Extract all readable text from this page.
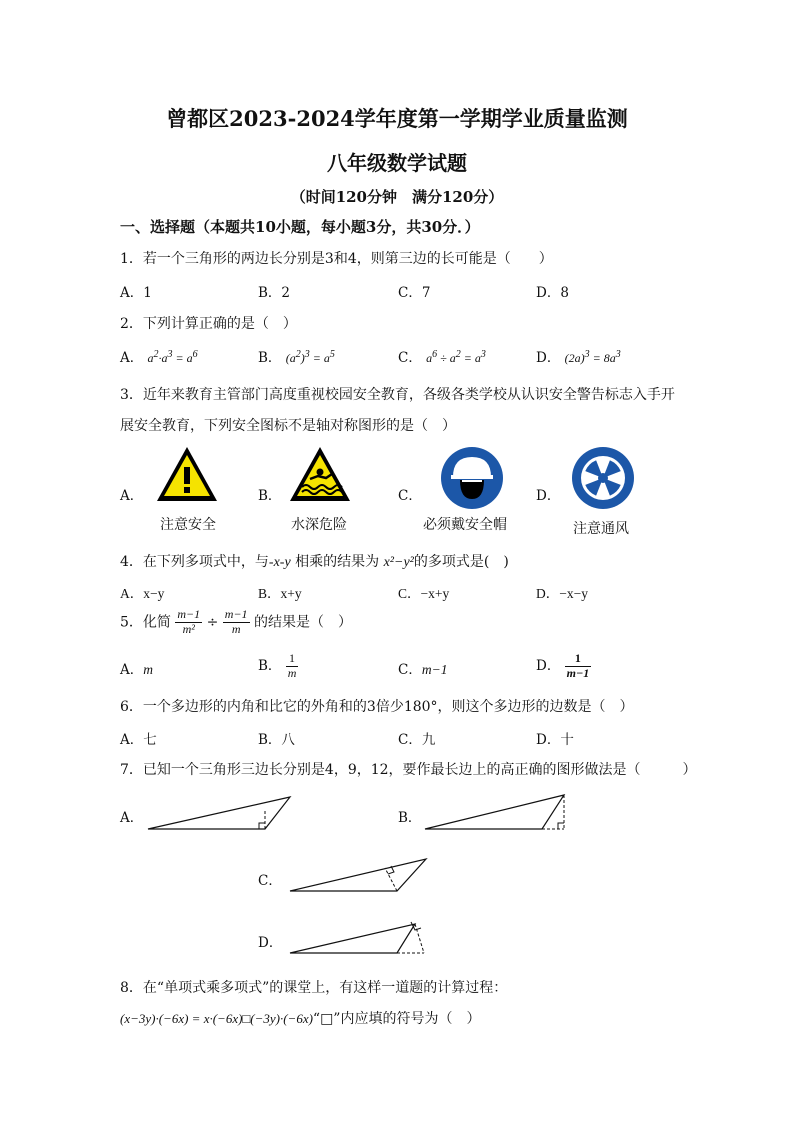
曾都区2023-2024学年度第一学期学业质量监测
八年级数学试题
（时间120分钟　满分120分）
一、选择题（本题共10小题，每小题3分，共30分．）
1．若一个三角形的两边长分别是3和4，则第三边的长可能是（　　）
A．1	B．2	C．7	D．8
2．下列计算正确的是（　）
A． $a^2\cdot a^3 = a^6$	B． $(a^2)^3 = a^5$	C． $a^6 \div a^2 = a^3$	D． $(2a)^3 = 8a^3$
3．近年来教育主管部门高度重视校园安全教育，各级各类学校从认识安全警告标志入手开
展安全教育，下列安全图标不是轴对称图形的是（　）
A．	B．	C．	D．
注意安全	水深危险	必须戴安全帽	注意通风
4．在下列多项式中，与-x-y 相乘的结果为 x²−y²的多项式是(　)
A．x−y	B．x+y	C．−x+y	D．−x−y
5．化简 $\frac{m-1}{\text{m²}} \div \frac{m-1}{m}$ 的结果是（　）
A．m	B． $\frac{1}{m}$	C．m−1	D． $\frac{1}{m-1}$
6．一个多边形的内角和比它的外角和的3倍少180°，则这个多边形的边数是（　）
A．七	B．八	C．九	D．十
7．已知一个三角形三边长分别是4，9，12，要作最长边上的高正确的图形做法是（　　　）
A．	B．
C．
D．
8．在“单项式乘多项式”的课堂上，有这样一道题的计算过程：
(x−3y)·(−6x) = x·(−6x)□(−3y)·(−6x)“□”内应填的符号为（　）
